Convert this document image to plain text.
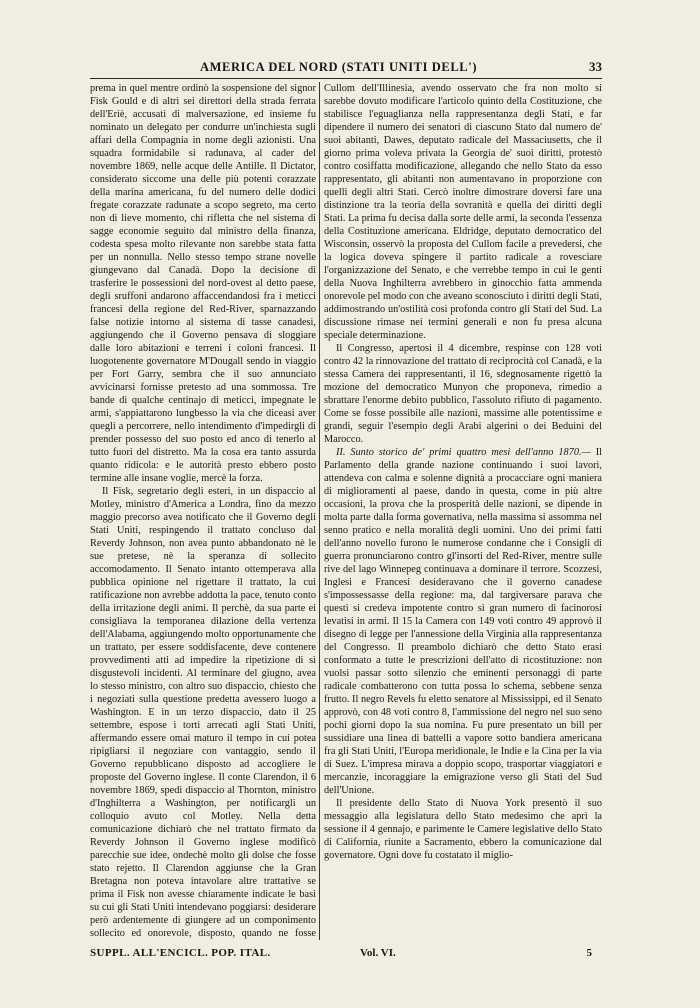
AMERICA DEL NORD (STATI UNITI DELL')	33

prema in quel mentre ordinò la sospensione del signor Fisk Gould e di altri sei direttori della strada ferrata dell'Eriè, accusati di malversazione, ed insieme fu nominato un delegato per condurre un'inchiesta sugli affari della Compagnia in nome degli azionisti. Una squadra formidabile si radunava, al cader del novembre 1869, nelle acque delle Antille. Il Dictator, considerato siccome una delle più potenti corazzate della marina americana, fu del numero delle dodici fregate corazzate radunate a scopo segreto, ma certo non di lieve momento, chi rifletta che nel sistema di sagge economie seguito dal ministro della finanza, codesta spesa molto rilevante non sarebbe stata fatta per un nonnulla. Nello stesso tempo strane novelle giungevano dal Canadà. Dopo la decisione di trasferire le possessioni del nord-ovest al detto paese, degli sruffoni andarono affaccendandosi fra i meticci francesi della regione del Red-River, sparnazzando false notizie intorno al sistema di tasse canadesi, aggiungendo che il Governo pensava di sloggiare dalle loro abitazioni e terreni i coloni francesi. Il luogotenente governatore M'Dougall sendo in viaggio per Fort Garry, sembra che il suo annunciato avvicinarsi fornisse pretesto ad una sommossa. Tre bande di qualche centinajo di meticci, impegnate le armi, s'appiattarono lungbesso la via che diceasi aver quegli a percorrere, nello intendimento d'impedirgli di prender possesso del suo posto ed anco di tenerlo al tutto fuori del distretto. Ma la cosa era tanto assurda quanto ridicola: e le autorità presto ebbero posto termine alle insane voglie, mercè la forza.

Il Fisk, segretario degli esteri, in un dispaccio al Motley, ministro d'America a Londra, fino da mezzo maggio precorso avea notificato che il Governo degli Stati Uniti, respingendo il trattato concluso dal Reverdy Johnson, non avea punto abbandonato nè le sue pretese, nè la speranza di sollecito accomodamento. Il Senato intanto ottemperava alla pubblica opinione nel rigettare il trattato, la cui ratificazione non avrebbe addotta la pace, tenuto conto della irritazione degli animi. Il perchè, da sua parte ei consigliava la temporanea dilazione della vertenza dell'Alabama, aggiungendo molto opportunamente che un trattato, per essere soddisfacente, deve contenere provvedimenti atti ad impedire la ripetizione di sì disgustevoli incidenti. Al terminare del giugno, avea lo stesso ministro, con altro suo dispaccio, chiesto che i negoziati sulla questione predetta avessero luogo a Washington. E in un terzo dispaccio, dato il 25 settembre, espose i torti arrecati agli Stati Uniti, affermando essere omai maturo il tempo in cui potea ripigliarsi il negoziare con vantaggio, sendo il Governo repubblicano disposto ad accogliere le proposte del Governo inglese. Il conte Clarendon, il 6 novembre 1869, spedì dispaccio al Thornton, ministro d'Inghilterra a Washington, per notificargli un colloquio avuto col Motley. Nella detta comunicazione dichiarò che nel trattato firmato da Reverdy Johnson il Governo inglese modificò parecchie sue idee, ondechè molto gli dolse che fosse stato rejetto. Il Clarendon aggiunse che la Gran Bretagna non poteva intavolare altre trattative se prima il Fisk non avesse chiaramente indicate le basi su cui gli Stati Uniti intendevano poggiarsi: desiderare però ardentemente di giungere ad un componimento sollecito ed onorevole, disposto, quando ne fosse

Cullom dell'Illinesia, avendo osservato che fra non molto si sarebbe dovuto modificare l'articolo quinto della Costituzione, che stabilisce l'eguaglianza nella rappresentanza degli Stati, e far dipendere il numero dei senatori di ciascuno Stato dal numero de' suoi abitanti, Dawes, deputato radicale del Massaciusetts, che il giorno prima voleva privata la Georgia de' suoi diritti, protestò contro cosiffatta modificazione, allegando che nello Stato da esso rappresentato, gli abitanti non aumentavano in proporzione con quelli degli altri Stati. Cercò inoltre dimostrare doversi fare una distinzione tra la teoria della sovranità e quella dei diritti degli Stati. La prima fu decisa dalla sorte delle armi, la seconda l'essenza della Costituzione americana. Eldridge, deputato democratico del Wisconsin, osservò la proposta del Cullom facile a prevedersi, che la logica doveva spingere il partito radicale a rovesciare l'organizzazione del Senato, e che verrebbe tempo in cui le genti della Nuova Inghilterra avrebbero in ginocchio fatta ammenda onorevole pel modo con che aveano sconosciuto i diritti degli Stati, addimostrando un'ostilità così profonda contro gli Stati del Sud. La discussione rimase nei termini generali e non fu presa alcuna speciale determinazione.

Il Congresso, apertosi il 4 dicembre, respinse con 128 voti contro 42 la rinnovazione del trattato di reciprocità col Canadà, e la stessa Camera dei rappresentanti, il 16, sdegnosamente rigettò la mozione del democratico Munyon che proponeva, rimedio a sbrattare l'enorme debito pubblico, l'assoluto rifiuto di pagamento. Come se fosse possibile alle nazioni, massime alle potentissime e grandi, seguir l'esempio degli Arabi algerini o dei Beduini del Marocco.

II. Sunto storico de' primi quattro mesi dell'anno 1870.— Il Parlamento della grande nazione continuando i suoi lavori, attendeva con calma e solenne dignità a procacciare ogni maniera di miglioramenti al paese, dando in questa, come in più altre occasioni, la prova che la prosperità delle nazioni, se dipende in molta parte dalla forma governativa, nella massima si assomma nel senno pratico e nella moralità degli uomini. Uno dei primi fatti dell'anno novello furono le numerose condanne che i Consigli di guerra pronunciarono contro gl'insorti del Red-River, mentre sulle rive del lago Winnepeg continuava a dominare il terrore. Scozzesi, Inglesi e Francesi desideravano che il governo canadese s'impossessasse della regione: ma, dal targiversare parava che questi si credeva impotente contro sì gran numero di facinorosi levatisi in armi. Il 15 la Camera con 149 voti contro 49 approvò il disegno di legge per l'annessione della Virginia alla rappresentanza del Congresso. Il preambolo dichiarò che detto Stato erasi conformato a tutte le prescrizioni dell'atto di ricostituzione: non vuolsi passar sotto silenzio che eminenti personaggi di parte radicale combatterono con tutta possa lo schema, sebbene senza frutto. Il negro Revels fu eletto senatore al Mississippi, ed il Senato approvò, con 48 voti contro 8, l'ammissione del negro nel suo seno pochi giorni dopo la sua nomina. Fu pure presentato un bill per sussidiare una linea di battelli a vapore sotto bandiera americana fra gli Stati Uniti, l'Europa meridionale, le Indie e la Cina per la via di Suez. L'impresa mirava a doppio scopo, trasportar viaggiatori e mercanzie, incoraggiare la emigrazione verso gli Stati del Sud dell'Unione.

Il presidente dello Stato di Nuova York presentò il suo messaggio alla legislatura dello Stato medesimo che aprì la sessione il 4 gennajo, e parimente le Camere legislative dello Stato di California, riunite a Sacramento, ebbero la comunicazione dal governatore. Ogni dove fu costatato il miglio-

SUPPL. ALL'ENCICL. POP. ITAL.	Vol. VI.	5
